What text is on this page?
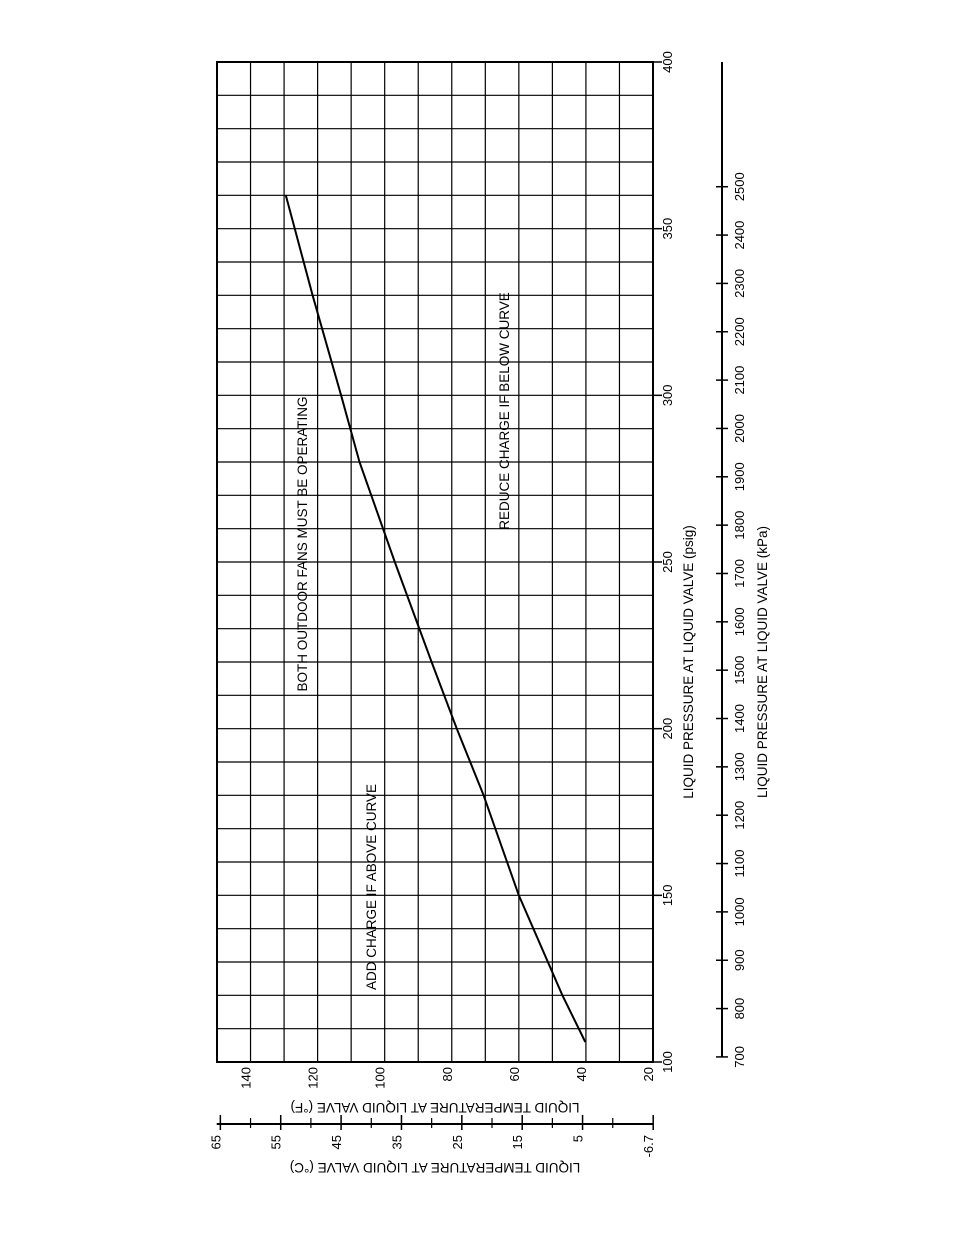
100
150
200
250
300
350
400
700
800
900
1000
1100
1200
1300
1400
1500
1600
1700
1800
1900
2000
2100
2200
2300
2400
2500
20
40
60
80
100
120
140
-6.7
5
15
25
35
45
55
65
LIQUID PRESSURE AT LIQUID VALVE (psig)	LIQUID PRESSURE AT LIQUID VALVE (kPa)
LIQUID TEMPERATURE AT LIQUID VALVE (°F)
LIQUID TEMPERATURE AT LIQUID VALVE (°C)
BOTH OUTDOOR FANS MUST BE OPERATING
ADD CHARGE IF ABOVE CURVE
REDUCE CHARGE IF BELOW CURVE
